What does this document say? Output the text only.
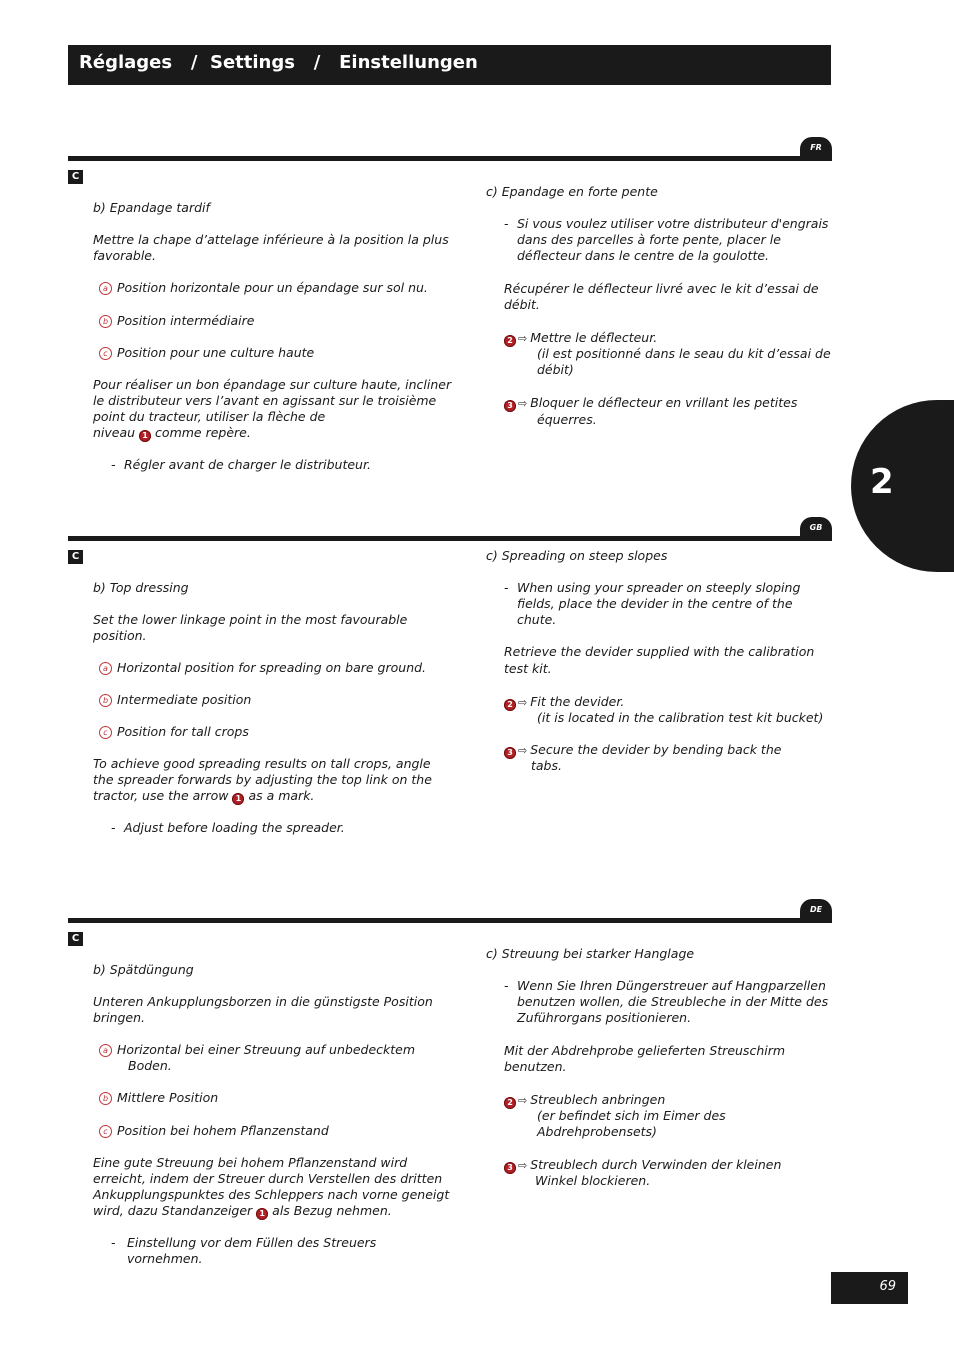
Réglages   /  Settings   /   Einstellungen
2
FR
C
b) Epandage tardif
Mettre la chape d’attelage inférieure à la position la plus
favorable.
a Position horizontale pour un épandage sur sol nu.
b Position intermédiaire
c Position pour une culture haute
Pour réaliser un bon épandage sur culture haute, incliner
le distributeur vers l’avant en agissant sur le troisième
point du tracteur, utiliser la flèche de
niveau 1 comme repère.
- Régler avant de charger le distributeur.
c) Epandage en forte pente
- Si vous voulez utiliser votre distributeur d'engrais
dans des parcelles à forte pente, placer le
déflecteur dans le centre de la goulotte.
Récupérer le déflecteur livré avec le kit d’essai de
débit.
2 ⇨ Mettre le déflecteur.
(il est positionné dans le seau du kit d’essai de
débit)
3 ⇨ Bloquer le déflecteur en vrillant les petites
équerres.
GB
C
b) Top dressing
Set the lower linkage point in the most favourable
position.
a Horizontal position for spreading on bare ground.
b Intermediate position
c Position for tall crops
To achieve good spreading results on tall crops, angle
the spreader forwards by adjusting the top link on the
tractor, use the arrow 1 as a mark.
- Adjust before loading the spreader.
c) Spreading on steep slopes
- When using your spreader on steeply sloping
fields, place the devider in the centre of the
chute.
Retrieve the devider supplied with the calibration
test kit.
2 ⇨ Fit the devider.
(it is located in the calibration test kit bucket)
3 ⇨ Secure the devider by bending back the
tabs.
DE
C
b) Spätdüngung
Unteren Ankupplungsborzen in die günstigste Position
bringen.
a Horizontal bei einer Streuung auf unbedecktem
Boden.
b Mittlere Position
c Position bei hohem Pflanzenstand
Eine gute Streuung bei hohem Pflanzenstand wird
erreicht, indem der Streuer durch Verstellen des dritten
Ankupplungspunktes des Schleppers nach vorne geneigt
wird, dazu Standanzeiger 1 als Bezug nehmen.
- Einstellung vor dem Füllen des Streuers
vornehmen.
c) Streuung bei starker Hanglage
- Wenn Sie Ihren Düngerstreuer auf Hangparzellen
benutzen wollen, die Streubleche in der Mitte des
Zuführorgans positionieren.
Mit der Abdrehprobe gelieferten Streuschirm
benutzen.
2 ⇨ Streublech anbringen
(er befindet sich im Eimer des
Abdrehprobensets)
3 ⇨ Streublech durch Verwinden der kleinen
Winkel blockieren.
69
